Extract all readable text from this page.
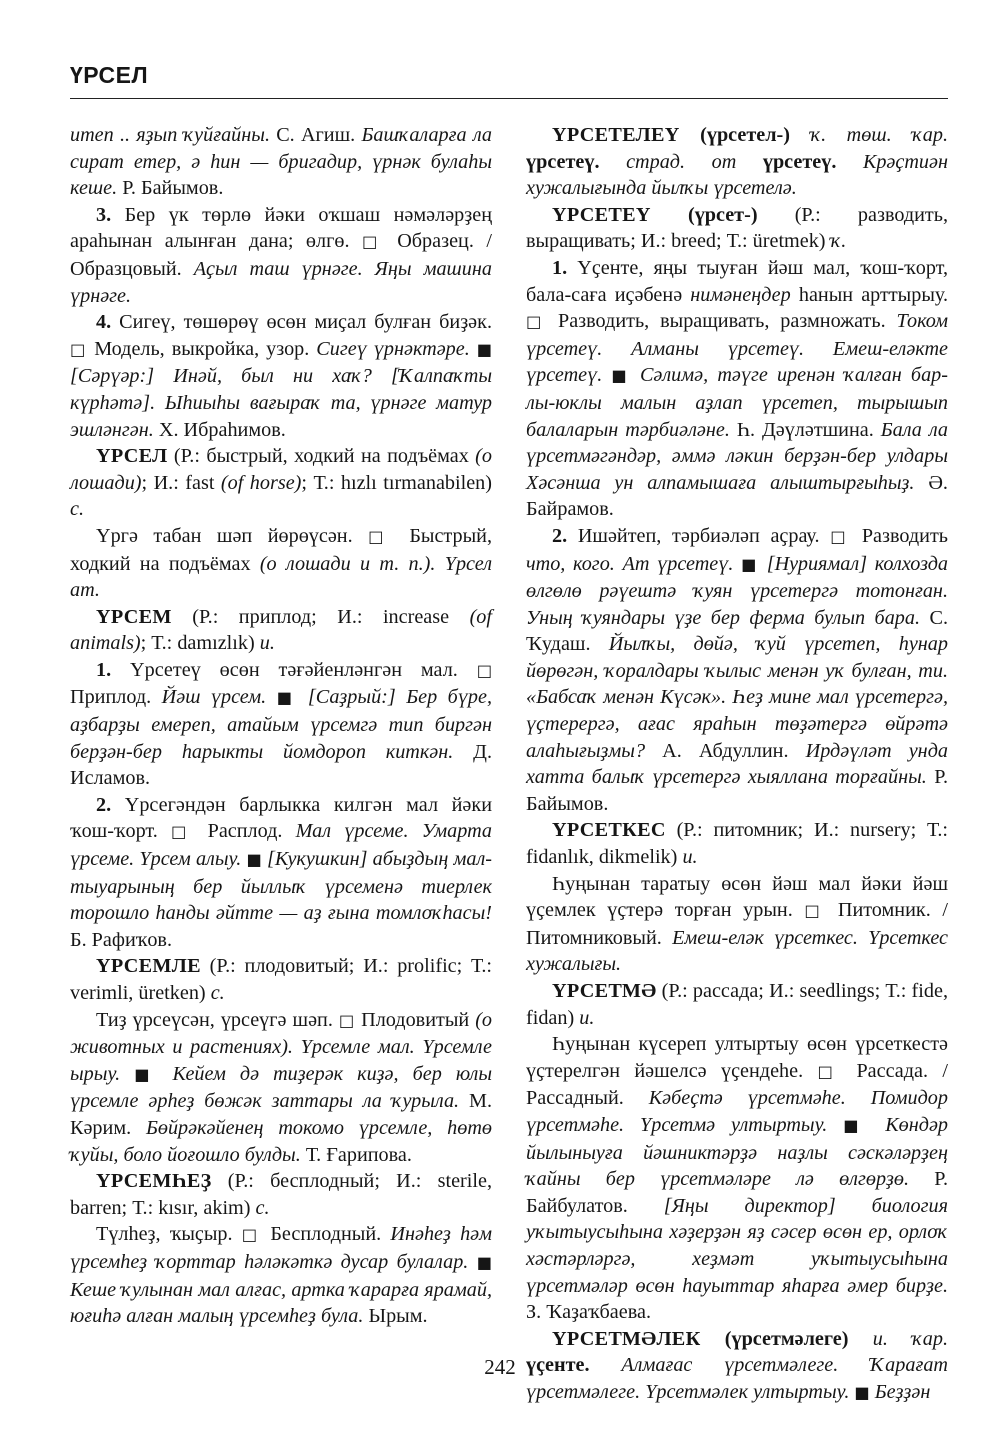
ҮРСЕЛ

итеп .. яҙып ҡуйғайны. С. Агиш. Башҡаларға ла сират етер, ә һин — бригадир, үрнәк булаһы кеше. Р. Байымов.

3. Бер үк төрлө йәки оҡшаш нәмәләрҙең араһынан алынған дана; өлгө. □ Образец. / Образцовый. Аҫыл таш үрнәге. Яңы машина үрнәге.

4. Сигеү, төшөрөү өсөн миҫал булған биҙәк. □ Модель, выкройка, узор. Сигеү үрнәктәре. ■ [Сәрүәр:] Инәй, был ни хаҡ? [Ҡалпаҡты күрһәтә]. Ыһиыһы вағыраҡ та, үрнәге матур эшләнгән. Х. Ибраһимов.

ҮРСЕЛ (Р.: быстрый, ходкий на подъёмах (о лошади); И.: fast (of horse); Т.: hızlı tırmanabilen) с.

Үргә табан шәп йөрөүсән. □ Быстрый, ходкий на подъёмах (о лошади и т. п.). Үрсел ат.

ҮРСЕМ (Р.: приплод; И.: increase (of animals); Т.: damızlık) и.

1. Үрсетеү өсөн тәғәйенләнгән мал. □ Приплод. Йәш үрсем. ■ [Саҙрый:] Бер бүре, аҙбарҙы емереп, атайым үрсемгә тип биргән берҙән-бер һарыкты йомдороп киткән. Д. Исламов.

2. Үрсегәндән барлыкка килгән мал йәки ҡош-ҡорт. □ Расплод. Мал үрсеме. Умарта үрсеме. Үрсем алыу. ■ [Кукушкин] абыҙдың мал-тыуарының бер йыллыҡ үрсеменә тиерлек торошло һанды әйтте — аҙ ғына томлоҡһасы! Б. Рафиҡов.

ҮРСЕМЛЕ (Р.: плодовитый; И.: prolific; Т.: verimli, üretken) с.

Тиҙ үрсеүсән, үрсеүгә шәп. □ Плодовитый (о животных и растениях). Үрсемле мал. Үрсемле ырыу. ■ Кейем дә тиҙерәк киҙә, бер юлы үрсемле әрһеҙ бөжәк заттары ла ҡурыла. М. Кәрим. Бөйрәкәйенең токомо үрсемле, һөтө ҡуйы, боло йоғошло булды. Т. Ғарипова.

ҮРСЕМҺЕҘ (Р.: бесплодный; И.: sterile, barren; Т.: kısır, akim) с.

Түлһеҙ, ҡыҫыр. □ Бесплодный. Инәһеҙ һәм үрсемһеҙ ҡорттар һәләкәткә дусар булалар. ■ Кеше ҡулынан мал алғас, артка ҡарарға ярамай, юғиһә алған малың үрсемһеҙ була. Ырым.

ҮРСЕТЕЛЕҮ (үрсетел-) ҡ. төш. ҡар. үрсетеү. страд. от үрсетеү. Крәҫтиән хужалығында йылҡы үрсетелә.

ҮРСЕТЕҮ (үрсет-) (Р.: разводить, выращивать; И.: breed; Т.: üretmek) ҡ.

1. Үҫенте, яңы тыуған йәш мал, ҡош-ҡорт, бала-саға иҫәбенә нимәнеңдер һанын арттырыу. □ Разводить, выращивать, размножать. Током үрсетеү. Алманы үрсетеү. Емеш-еләкте үрсетеү. ■ Сәлимә, тәүге иренән ҡалған бар-лы-юклы малын аҙлап үрсетеп, тырышып балаларын тәрбиәләне. Һ. Дәүләтшина. Бала ла үрсетмәгәндәр, әммә ләкин берҙән-бер улдары Хәсәнша ун алпамышаға алыштырғыһыҙ. Ә. Байрамов.

2. Ишәйтеп, тәрбиәләп аҫрау. □ Разводить что, кого. Ат үрсетеү. ■ [Нуриямал] колхозда өлгөлө рәүештә ҡуян үрсетергә тотонған. Уның ҡуяндары үҙе бер ферма булып бара. С. Ҡудаш. Йылҡы, дөйә, ҡуй үрсетеп, һунар йөрөгән, ҡоралдары ҡылыс менән уҡ булған, ти. «Бабсаҡ менән Күсәк». Һеҙ мине мал үрсетергә, үҫтерергә, ағас яраһын төҙәтергә өйрәтә алаһығыҙмы? А. Абдуллин. Ирдәүләт унда хатта балыҡ үрсетергә хыяллана торғайны. Р. Байымов.

ҮРСЕТКЕС (Р.: питомник; И.: nursery; Т.: fidanlık, dikmelik) и.

Һуңынан таратыу өсөн йәш мал йәки йәш үҫемлек үҫтерә торған урын. □ Питомник. / Питомниковый. Емеш-еләк үрсеткес. Үрсеткес хужалығы.

ҮРСЕТМӘ (Р.: рассада; И.: seedlings; Т.: fide, fidan) и.

Һуңынан күсереп ултыртыу өсөн үрсеткестә үҫтерелгән йәшелсә үҫендеһе. □ Рассада. / Рассадный. Кәбеҫтә үрсетмәһе. Помидор үрсетмәһе. Үрсетмә ултыртыу. ■ Көндәр йылыныуға йәшниктәрҙә наҙлы сәскәләрҙең ҡайны бер үрсетмәләре лә өлгөрҙө. Р. Байбулатов. [Яңы директор] биология уҡытыусыһына хәҙерҙән яҙ сәсер өсөн ер, орлоҡ хәстәрләргә, хеҙмәт уҡытыусыһына үрсетмәләр өсөн һауыттар яһарға әмер бирҙе. З. Ҡаҙаҡбаева.

ҮРСЕТМӘЛЕК (үрсетмәлеге) и. ҡар. үҫенте. Алмағас үрсетмәлеге. Ҡарағат үрсетмәлеге. Үрсетмәлек ултыртыу. ■ Беҙҙән

242
